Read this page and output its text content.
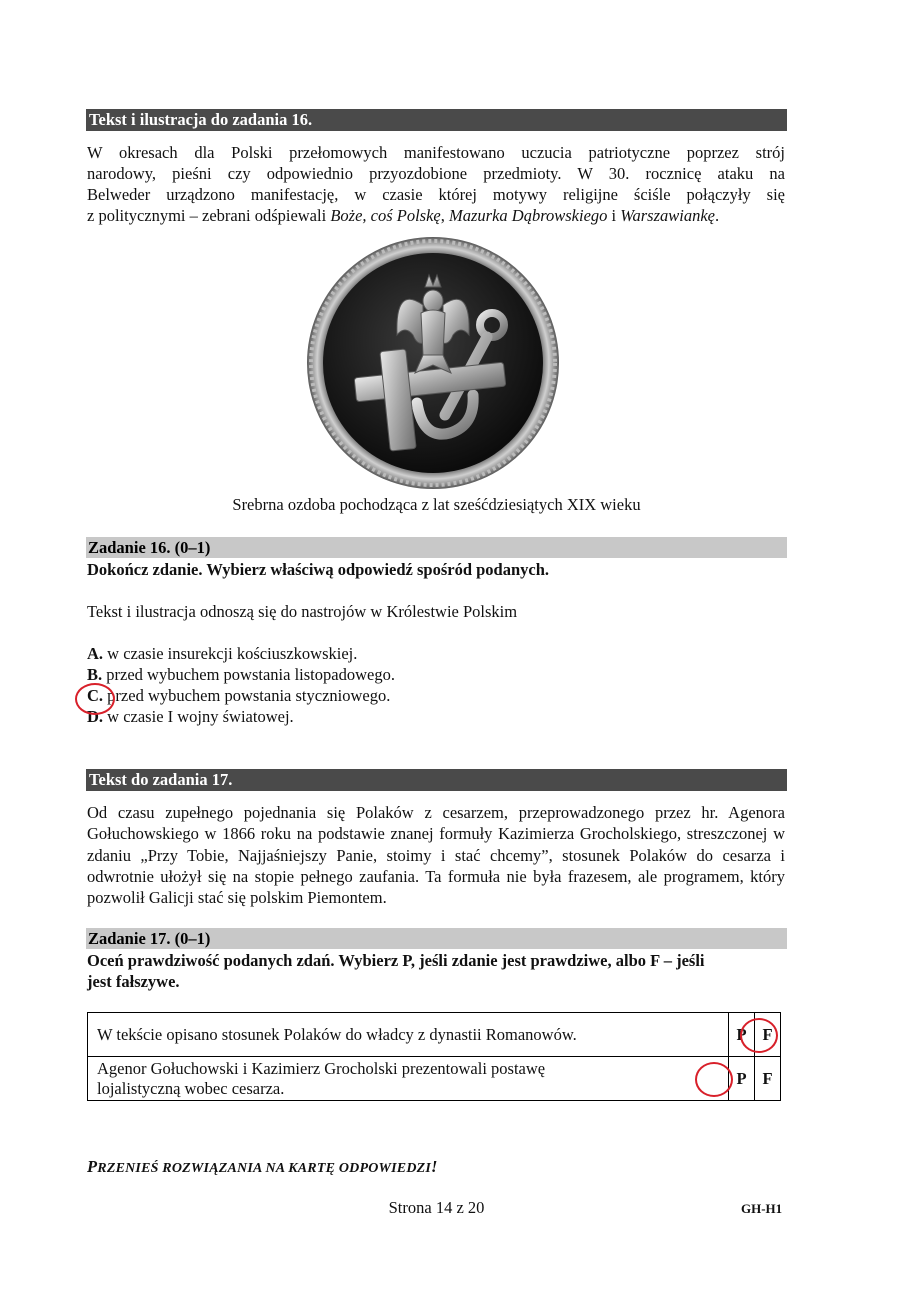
Tekst i ilustracja do zadania 16.
W okresach dla Polski przełomowych manifestowano uczucia patriotyczne poprzez strój
narodowy, pieśni czy odpowiednio przyozdobione przedmioty. W 30. rocznicę ataku na
Belweder urządzono manifestację, w czasie której motywy religijne ściśle połączyły się
z politycznymi – zebrani odśpiewali Boże, coś Polskę, Mazurka Dąbrowskiego i Warszawiankę.
Srebrna ozdoba pochodząca z lat sześćdziesiątych XIX wieku
Zadanie 16. (0–1)
Dokończ zdanie. Wybierz właściwą odpowiedź spośród podanych.
Tekst i ilustracja odnoszą się do nastrojów w Królestwie Polskim
A. w czasie insurekcji kościuszkowskiej.
B. przed wybuchem powstania listopadowego.
C. przed wybuchem powstania styczniowego.
D. w czasie I wojny światowej.
Tekst do zadania 17.
Od czasu zupełnego pojednania się Polaków z cesarzem, przeprowadzonego przez hr. Agenora Gołuchowskiego w 1866 roku na podstawie znanej formuły Kazimierza Grocholskiego, streszczonej w zdaniu „Przy Tobie, Najjaśniejszy Panie, stoimy i stać chcemy”, stosunek Polaków do cesarza i odwrotnie ułożył się na stopie pełnego zaufania. Ta formuła nie była frazesem, ale programem, który pozwolił Galicji stać się polskim Piemontem.
Zadanie 17. (0–1)
Oceń prawdziwość podanych zdań. Wybierz P, jeśli zdanie jest prawdziwe, albo F – jeśli
jest fałszywe.
W tekście opisano stosunek Polaków do władcy z dynastii Romanowów.	P	F

Agenor Gołuchowski i Kazimierz Grocholski prezentowali postawę
lojalistyczną wobec cesarza.	P	F
PRZENIEŚ ROZWIĄZANIA NA KARTĘ ODPOWIEDZI!
Strona 14 z 20	GH-H1
